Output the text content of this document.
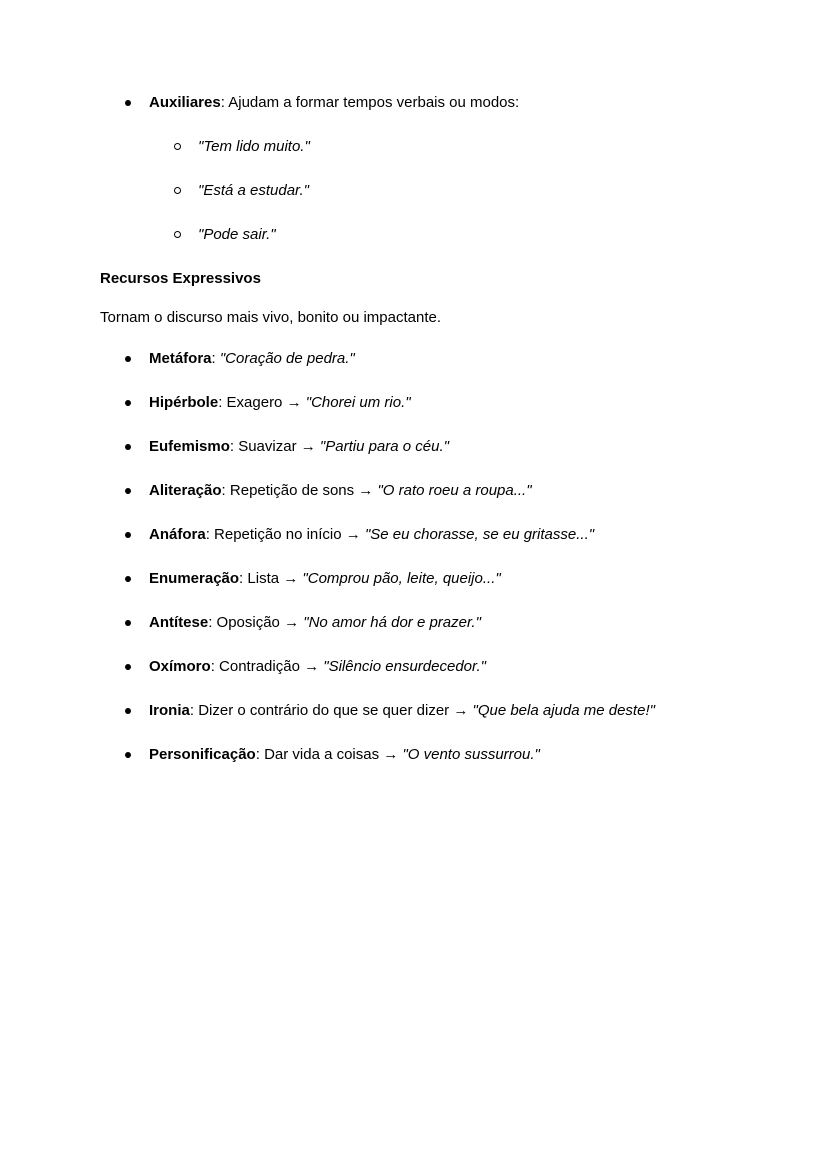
Auxiliares: Ajudam a formar tempos verbais ou modos:
"Tem lido muito."
"Está a estudar."
"Pode sair."
Recursos Expressivos

Tornam o discurso mais vivo, bonito ou impactante.

Metáfora: "Coração de pedra."
Hipérbole: Exagero → "Chorei um rio."
Eufemismo: Suavizar → "Partiu para o céu."
Aliteração: Repetição de sons → "O rato roeu a roupa..."
Anáfora: Repetição no início → "Se eu chorasse, se eu gritasse..."
Enumeração: Lista → "Comprou pão, leite, queijo..."
Antítese: Oposição → "No amor há dor e prazer."
Oxímoro: Contradição → "Silêncio ensurdecedor."
Ironia: Dizer o contrário do que se quer dizer → "Que bela ajuda me deste!"
Personificação: Dar vida a coisas → "O vento sussurrou."
